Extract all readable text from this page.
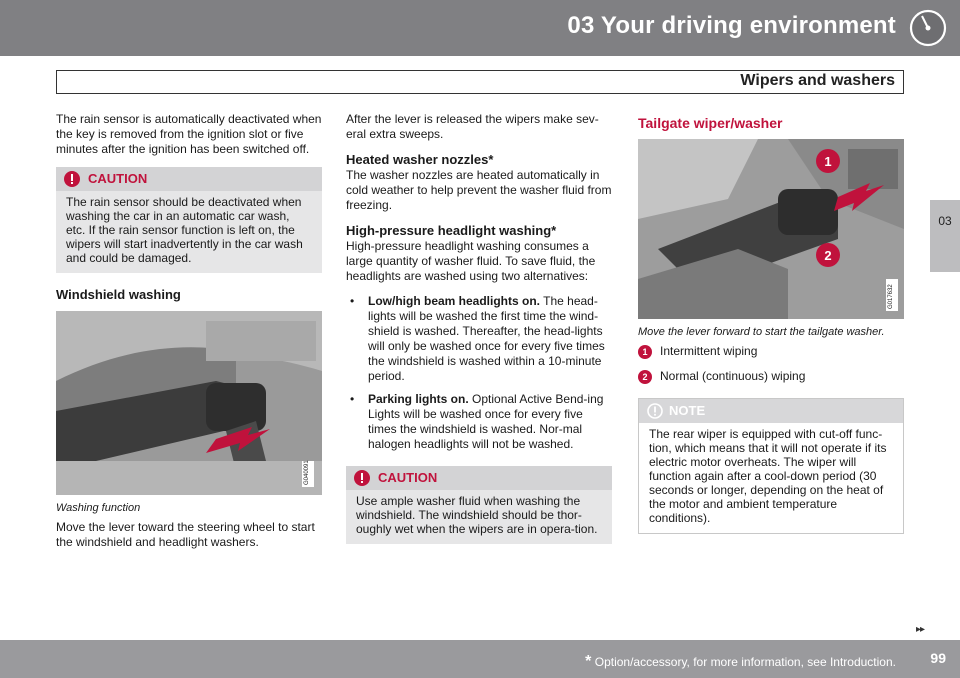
03 Your driving environment
Wipers and washers
03

The rain sensor is automatically deactivated when the key is removed from the ignition slot or five minutes after the ignition has been switched off.

CAUTION
The rain sensor should be deactivated when washing the car in an automatic car wash, etc. If the rain sensor function is left on, the wipers will start inadvertently in the car wash and could be damaged.
Windshield washing
G040091
Washing function

Move the lever toward the steering wheel to start the windshield and headlight washers.

After the lever is released the wipers make sev-eral extra sweeps.

Heated washer nozzles*

The washer nozzles are heated automatically in cold weather to help prevent the washer fluid from freezing.

High-pressure headlight washing*

High-pressure headlight washing consumes a large quantity of washer fluid. To save fluid, the headlights are washed using two alternatives:

• Low/high beam headlights on. The head-lights will be washed the first time the wind-shield is washed. Thereafter, the head-lights will only be washed once for every five times the windshield is washed within a 10-minute period.
• Parking lights on. Optional Active Bend-ing Lights will be washed once for every five times the windshield is washed. Nor-mal halogen headlights will not be washed.
CAUTION
Use ample washer fluid when washing the windshield. The windshield should be thor-oughly wet when the wipers are in opera-tion.
Tailgate wiper/washer
1
2
G017632
Move the lever forward to start the tailgate washer.
1	Intermittent wiping
2	Normal (continuous) wiping
NOTE
The rear wiper is equipped with cut-off func-tion, which means that it will not operate if its electric motor overheats. The wiper will function again after a cool-down period (30 seconds or longer, depending on the heat of the motor and ambient temperature conditions).
▸▸
* Option/accessory, for more information, see Introduction. 99
